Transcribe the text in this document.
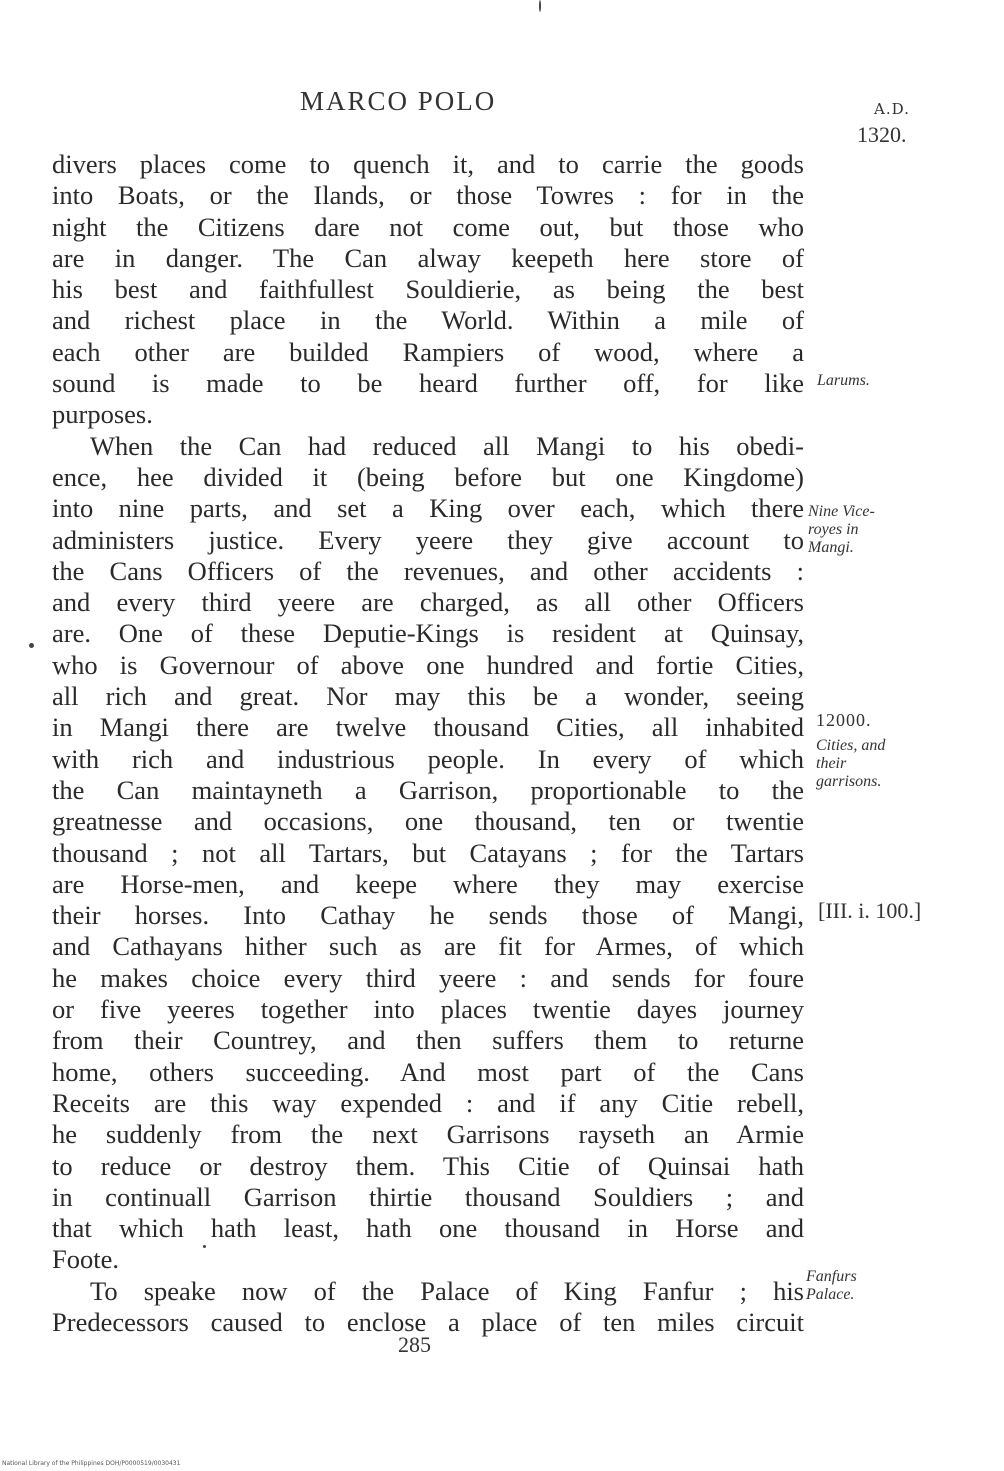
MARCO POLO	A.D.
1320.
divers places come to quench it, and to carrie the goods
into Boats, or the Ilands, or those Towres : for in the
night the Citizens dare not come out, but those who
are in danger. The Can alway keepeth here store of
his best and faithfullest Souldierie, as being the best
and richest place in the World. Within a mile of
each other are builded Rampiers of wood, where a
sound is made to be heard further off, for like
purposes.
When the Can had reduced all Mangi to his obedi-
ence, hee divided it (being before but one Kingdome)
into nine parts, and set a King over each, which there
administers justice. Every yeere they give account to
the Cans Officers of the revenues, and other accidents :
and every third yeere are charged, as all other Officers
are. One of these Deputie-Kings is resident at Quinsay,
who is Governour of above one hundred and fortie Cities,
all rich and great. Nor may this be a wonder, seeing
in Mangi there are twelve thousand Cities, all inhabited
with rich and industrious people. In every of which
the Can maintayneth a Garrison, proportionable to the
greatnesse and occasions, one thousand, ten or twentie
thousand ; not all Tartars, but Catayans ; for the Tartars
are Horse-men, and keepe where they may exercise
their horses. Into Cathay he sends those of Mangi,
and Cathayans hither such as are fit for Armes, of which
he makes choice every third yeere : and sends for foure
or five yeeres together into places twentie dayes journey
from their Countrey, and then suffers them to returne
home, others succeeding. And most part of the Cans
Receits are this way expended : and if any Citie rebell,
he suddenly from the next Garrisons rayseth an Armie
to reduce or destroy them. This Citie of Quinsai hath
in continuall Garrison thirtie thousand Souldiers ; and
that which hath least, hath one thousand in Horse and
Foote.
To speake now of the Palace of King Fanfur ; his
Predecessors caused to enclose a place of ten miles circuit
Larums.
Nine Vice-
royes in
Mangi.
12000.
Cities, and
their
garrisons.
[III. i. 100.]
Fanfurs
Palace.
285
National Library of the Philippines DOH/P0000519/0030431
